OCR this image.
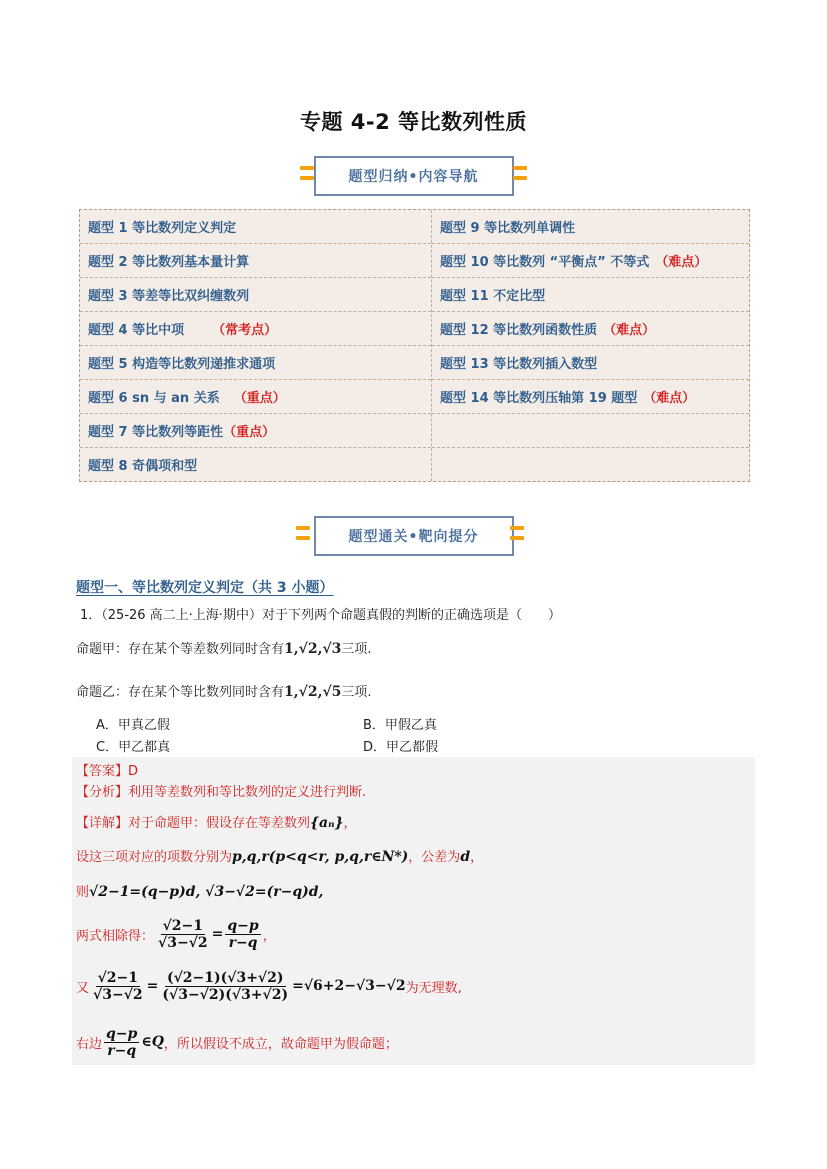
专题 4-2 等比数列性质
题型归纳•内容导航
题型 1 等比数列定义判定
题型 2 等比数列基本量计算
题型 3 等差等比双纠缠数列
题型 4 等比中项 （常考点）
题型 5 构造等比数列递推求通项
题型 6 sn 与 an 关系 （重点）
题型 7 等比数列等距性 （重点）
题型 8 奇偶项和型
题型 9 等比数列单调性
题型 10 等比数列 “平衡点” 不等式 （难点）
题型 11 不定比型
题型 12 等比数列函数性质 （难点）
题型 13 等比数列插入数型
题型 14 等比数列压轴第 19 题型 （难点）
题型通关•靶向提分
题型一、等比数列定义判定（共 3 小题）
1．（25-26 高二上·上海·期中）对于下列两个命题真假的判断的正确选项是（　　）
命题甲：存在某个等差数列同时含有1,√2,√3三项.
命题乙：存在某个等比数列同时含有1,√2,√5三项.
A．甲真乙假	B．甲假乙真
C．甲乙都真	D．甲乙都假
【答案】D
【分析】利用等差数列和等比数列的定义进行判断.
【详解】对于命题甲：假设存在等差数列{aₙ}，
设这三项对应的项数分别为p,q,r(p<q<r, p,q,r∈N*)，公差为d，
则√2−1=(q−p)d, √3−√2=(r−q)d,
两式相除得： $\frac{√2-1}{√3-√2} = \frac{q-p}{r-q}$ ，
又 $\frac{√2-1}{√3-√2} = \frac{(√2-1)(√3+√2)}{(√3-√2)(√3+√2)} =√6+2-√3-√2$ 为无理数,
右边 $\frac{q-p}{r-q}$ ∈Q ，所以假设不成立，故命题甲为假命题；
